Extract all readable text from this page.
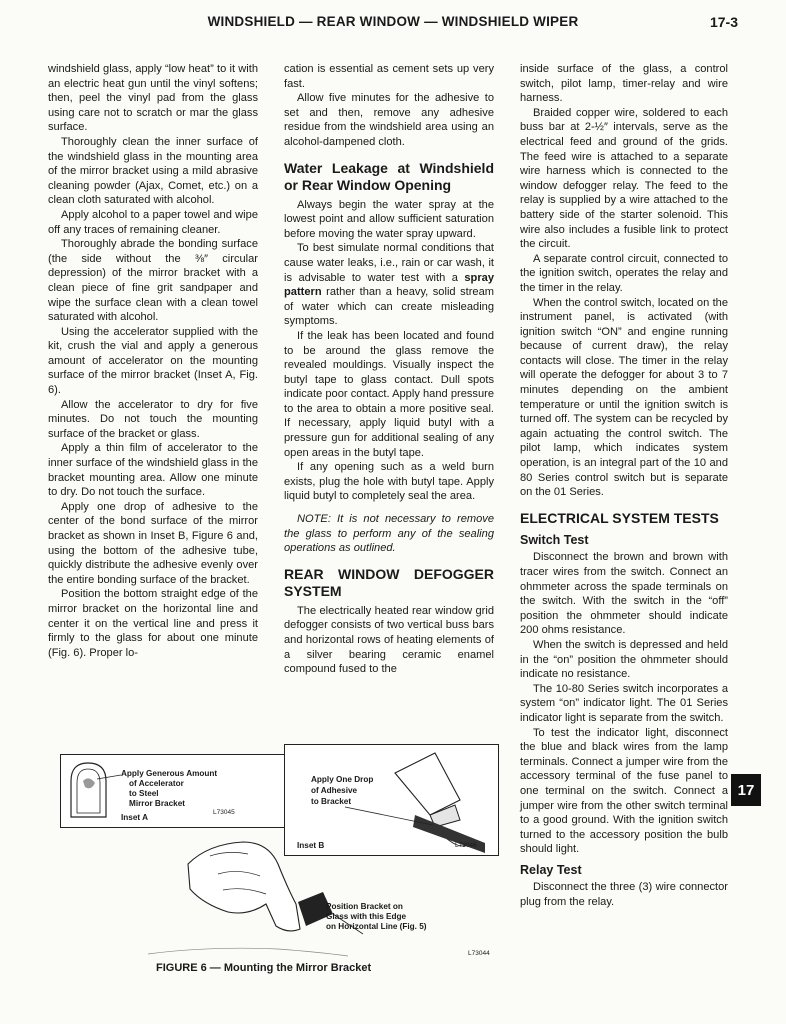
WINDSHIELD — REAR WINDOW — WINDSHIELD WIPER	17-3

windshield glass, apply “low heat” to it with an electric heat gun until the vinyl softens; then, peel the vinyl pad from the glass using care not to scratch or mar the glass surface.

Thoroughly clean the inner surface of the windshield glass in the mounting area of the mirror bracket using a mild abrasive cleaning powder (Ajax, Comet, etc.) on a clean cloth saturated with alcohol.

Apply alcohol to a paper towel and wipe off any traces of remaining cleaner.

Thoroughly abrade the bonding surface (the side without the ⅜″ circular depression) of the mirror bracket with a clean piece of fine grit sandpaper and wipe the surface clean with a clean towel saturated with alcohol.

Using the accelerator supplied with the kit, crush the vial and apply a generous amount of accelerator on the mounting surface of the mirror bracket (Inset A, Fig. 6).

Allow the accelerator to dry for five minutes. Do not touch the mounting surface of the bracket or glass.

Apply a thin film of accelerator to the inner surface of the windshield glass in the bracket mounting area. Allow one minute to dry. Do not touch the surface.

Apply one drop of adhesive to the center of the bond surface of the mirror bracket as shown in Inset B, Figure 6 and, using the bottom of the adhesive tube, quickly distribute the adhesive evenly over the entire bonding surface of the bracket.

Position the bottom straight edge of the mirror bracket on the horizontal line and center it on the vertical line and press it firmly to the glass for about one minute (Fig. 6). Proper lo-

cation is essential as cement sets up very fast.

Allow five minutes for the adhesive to set and then, remove any adhesive residue from the windshield area using an alcohol-dampened cloth.

Water Leakage at Windshield or Rear Window Opening

Always begin the water spray at the lowest point and allow sufficient saturation before moving the water spray upward.

To best simulate normal conditions that cause water leaks, i.e., rain or car wash, it is advisable to water test with a spray pattern rather than a heavy, solid stream of water which can create misleading symptoms.

If the leak has been located and found to be around the glass remove the revealed mouldings. Visually inspect the butyl tape to glass contact. Dull spots indicate poor contact. Apply hand pressure to the area to obtain a more positive seal. If necessary, apply liquid butyl with a pressure gun for additional sealing of any open areas in the butyl tape.

If any opening such as a weld burn exists, plug the hole with butyl tape. Apply liquid butyl to completely seal the area.

NOTE: It is not necessary to remove the glass to perform any of the sealing operations as outlined.

REAR WINDOW DEFOGGER SYSTEM

The electrically heated rear window grid defogger consists of two vertical buss bars and horizontal rows of heating elements of a silver bearing ceramic enamel compound fused to the

inside surface of the glass, a control switch, pilot lamp, timer-relay and wire harness.

Braided copper wire, soldered to each buss bar at 2-½″ intervals, serve as the electrical feed and ground of the grids. The feed wire is attached to a separate wire harness which is connected to the window defogger relay. The feed to the relay is supplied by a wire attached to the battery side of the starter solenoid. This wire also includes a fusible link to protect the circuit.

A separate control circuit, connected to the ignition switch, operates the relay and the timer in the relay.

When the control switch, located on the instrument panel, is activated (with ignition switch “ON” and engine running because of current draw), the relay contacts will close. The timer in the relay will operate the defogger for about 3 to 7 minutes depending on the ambient temperature or until the ignition switch is turned off. The system can be recycled by again actuating the control switch. The pilot lamp, which indicates system operation, is an integral part of the 10 and 80 Series control switch but is separate on the 01 Series.

ELECTRICAL SYSTEM TESTS
Switch Test

Disconnect the brown and brown with tracer wires from the switch. Connect an ohmmeter across the spade terminals on the switch. With the switch in the “off” position the ohmmeter should indicate 200 ohms resistance.

When the switch is depressed and held in the “on” position the ohmmeter should indicate no resistance.

The 10-80 Series switch incorporates a system “on” indicator light. The 01 Series indicator light is separate from the switch.

To test the indicator light, disconnect the blue and black wires from the lamp terminals. Connect a jumper wire from the accessory terminal of the fuse panel to one terminal on the switch. Connect a jumper wire from the other switch terminal to a good ground. With the ignition switch turned to the accessory position the bulb should light.

Relay Test

Disconnect the three (3) wire connector plug from the relay.

Apply Generous Amount
of Accelerator
to Steel
Mirror Bracket
Inset A
L73045
Apply One Drop
of Adhesive
to Bracket
Inset B	L73046
Position Bracket on
Glass with this Edge
on Horizontal Line (Fig. 5)
L73044
FIGURE 6 — Mounting the Mirror Bracket
17
